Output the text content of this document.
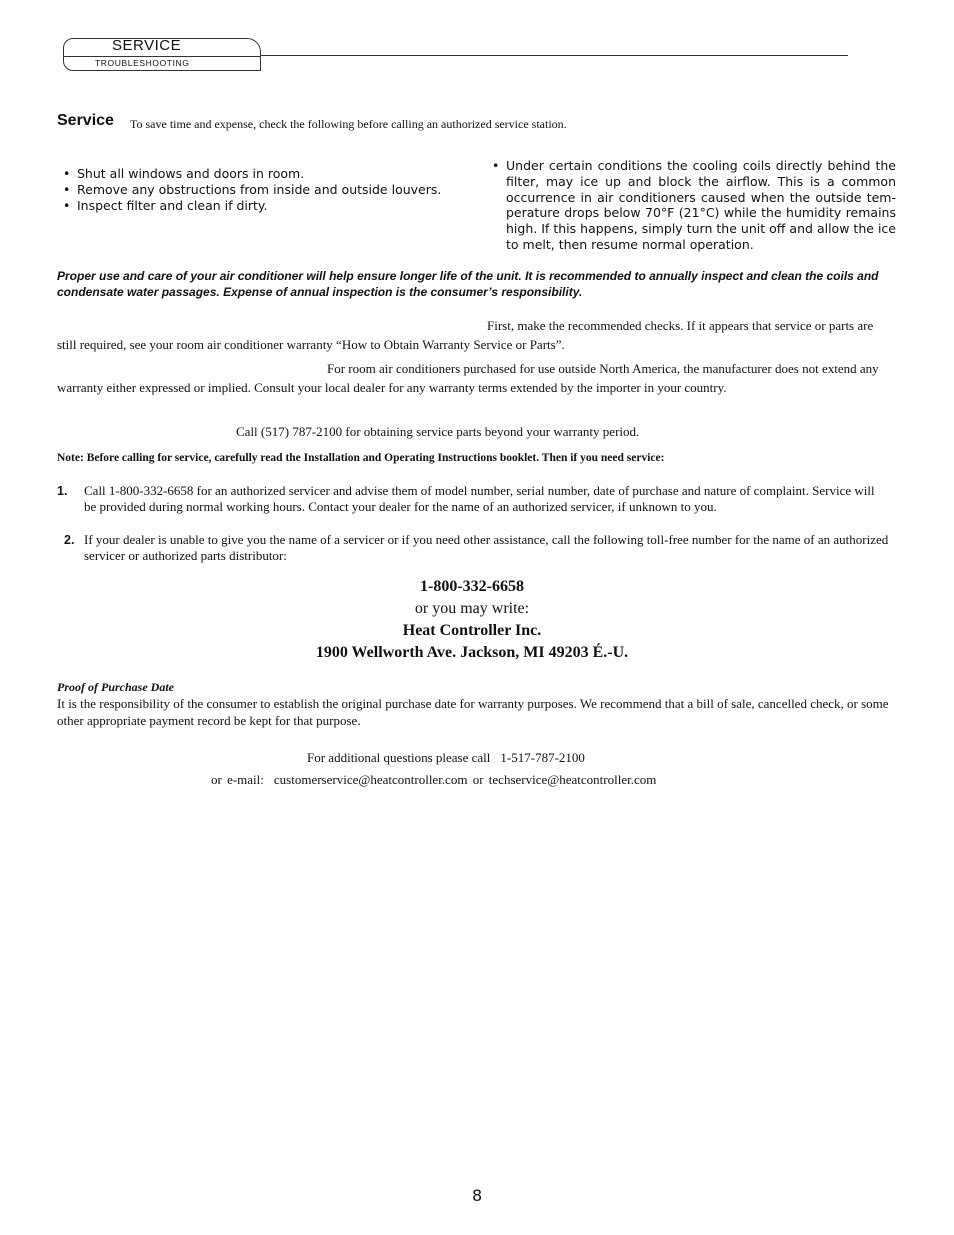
SERVICE
TROUBLESHOOTING
Service To save time and expense, check the following before calling an authorized service station.
• Shut all windows and doors in room.
• Remove any obstructions from inside and outside louvers.
• Inspect filter and clean if dirty.
• Under certain conditions the cooling coils directly behind the filter, may ice up and block the airflow. This is a common occurrence in air conditioners caused when the outside tem-perature drops below 70°F (21°C) while the humidity remains high. If this happens, simply turn the unit off and allow the ice to melt, then resume normal operation.
Proper use and care of your air conditioner will help ensure longer life of the unit. It is recommended to annually inspect and clean the coils and condensate water passages. Expense of annual inspection is the consumer’s responsibility.
First, make the recommended checks. If it appears that service or parts are still required, see your room air conditioner warranty “How to Obtain Warranty Service or Parts”.
For room air conditioners purchased for use outside North America, the manufacturer does not extend any warranty either expressed or implied. Consult your local dealer for any warranty terms extended by the importer in your country.
Call (517) 787-2100 for obtaining service parts beyond your warranty period.
Note: Before calling for service, carefully read the Installation and Operating Instructions booklet. Then if you need service:
1. Call 1-800-332-6658 for an authorized servicer and advise them of model number, serial number, date of purchase and nature of complaint. Service will be provided during normal working hours. Contact your dealer for the name of an authorized servicer, if unknown to you.
2. If your dealer is unable to give you the name of a servicer or if you need other assistance, call the following toll-free number for the name of an authorized servicer or authorized parts distributor:
1-800-332-6658
or you may write:
Heat Controller Inc.
1900 Wellworth Ave. Jackson, MI 49203 É.-U.
Proof of Purchase Date
It is the responsibility of the consumer to establish the original purchase date for warranty purposes. We recommend that a bill of sale, cancelled check, or some other appropriate payment record be kept for that purpose.
For additional questions please call 1-517-787-2100
or e-mail: customerservice@heatcontroller.com or techservice@heatcontroller.com
8
